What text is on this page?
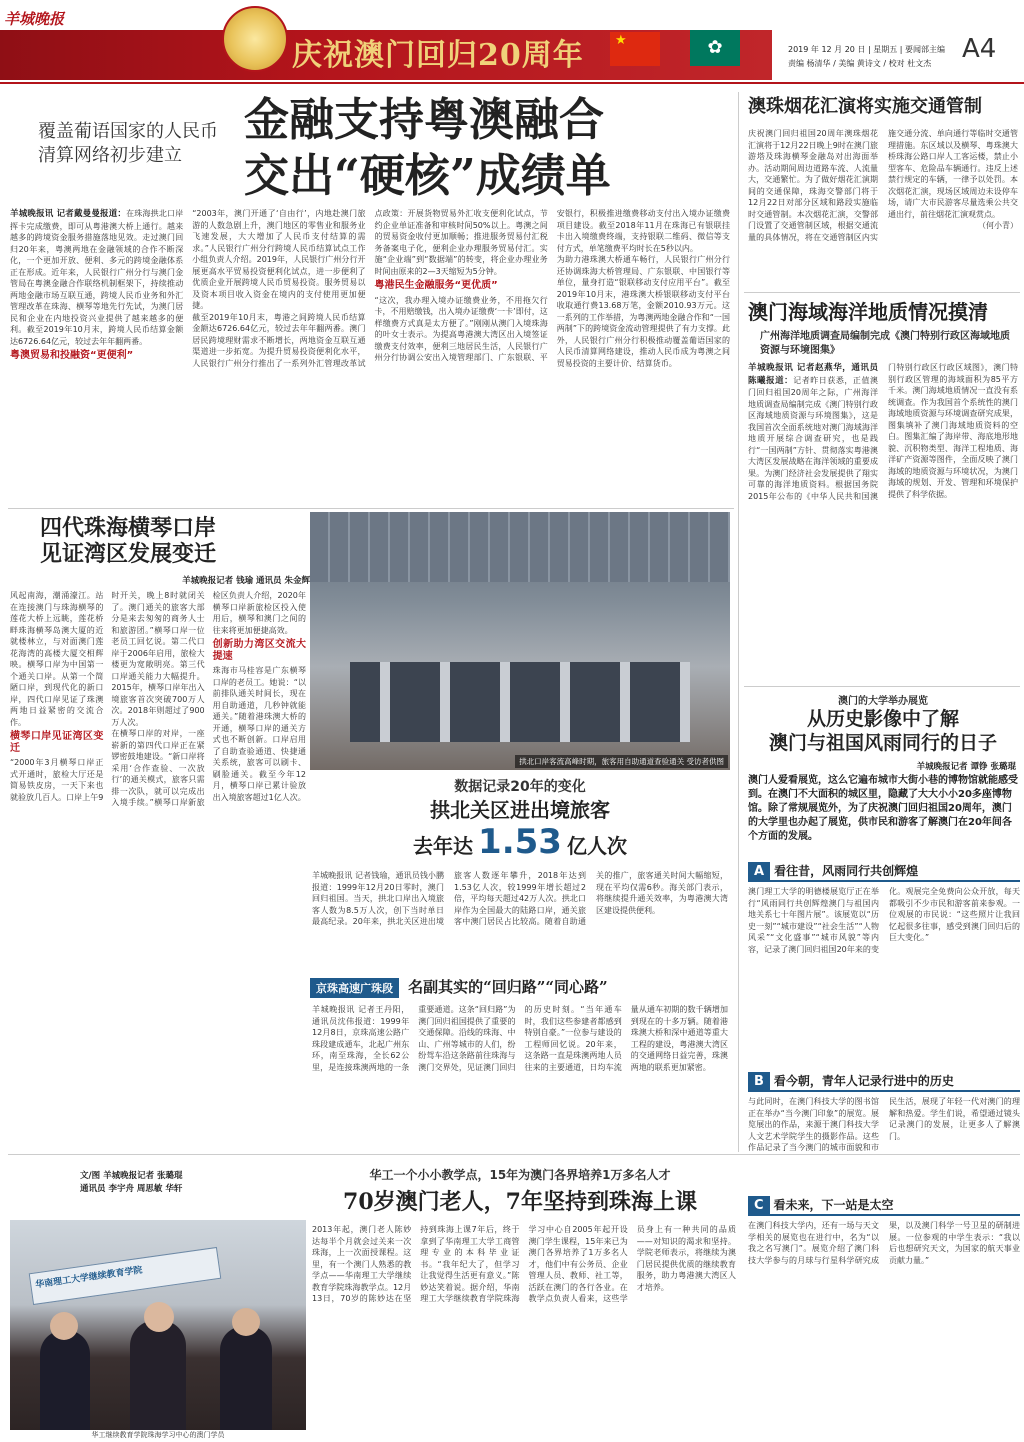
羊城晚报
庆祝澳门回归20周年	★	✿	2019 年 12 月 20 日 | 星期五 | 要闻部主编
责编 杨清华 / 美编 黄诗文 / 校对 杜文杰	A4
覆盖葡语国家的人民币清算网络初步建立
金融支持粤澳融合
交出“硬核”成绩单
羊城晚报讯 记者戴曼曼报道：在珠海拱北口岸挥卡完成缴费，即可从粤港澳大桥上通行。越来越多的跨境资金服务措施落地见效。走过澳门回归20年来，粤澳两地在金融领域的合作不断深化，一个更加开放、便利、多元的跨境金融体系正在形成。近年来，人民银行广州分行与澳门金管局在粤澳金融合作联络机制框架下，持续推动两地金融市场互联互通，跨境人民币业务和外汇管理改革在珠海、横琴等地先行先试，为澳门居民和企业在内地投资兴业提供了越来越多的便利。截至2019年10月末，跨境人民币结算金额达6726.64亿元，较过去年年翻两番。
粤澳贸易和投融资“更便利”

“2003年，澳门开通了‘自由行’，内地赴澳门旅游的人数急剧上升，澳门地区的零售业和服务业飞速发展，大大增加了人民币支付结算的需求。”人民银行广州分行跨境人民币结算试点工作小组负责人介绍。2019年，人民银行广州分行开展更高水平贸易投资便利化试点，进一步便利了优质企业开展跨境人民币贸易投资。服务贸易以及资本项目收入资金在境内的支付使用更加便捷。

截至2019年10月末，粤港之间跨境人民币结算金额达6726.64亿元，较过去年年翻两番。澳门居民跨境理财需求不断增长，两地资金互联互通渠道进一步拓宽。为提升贸易投资便利化水平，人民银行广州分行推出了一系列外汇管理改革试点政策：开展货物贸易外汇收支便利化试点，节约企业单证准备和审核时间50%以上。粤澳之间的贸易资金收付更加顺畅；推进服务贸易付汇税务备案电子化，便利企业办理服务贸易付汇。实施“企业端”到“数据端”的转变，将企业办理业务时间由原来的2—3天缩短为5分钟。

粤港民生金融服务“更优质”

“这次，我办理入境办证缴费业务，不用拖欠行卡，不用赔缴钱，出入境办证缴费‘一卡’即付，这样缴费方式真是太方便了。”刚刚从澳门入境珠海的叶女士表示。为提高粤港澳大湾区出入境签证缴费支付效率，便利三地居民生活，人民银行广州分行协调公安出入境管理部门、广东银联、平安银行，积极推进缴费移动支付出入境办证缴费项目建设。截至2018年11月在珠海已有银联挂卡出入境缴费终端，支持银联二维码、微信等支付方式，单笔缴费平均时长在5秒以内。

为助力港珠澳大桥通车畅行，人民银行广州分行还协调珠海大桥管理局、广东银联、中国银行等单位，量身打造“银联移动支付应用平台”。截至2019年10月末，港珠澳大桥银联移动支付平台收取通行费13.68万笔，金额2010.93万元。这一系列的工作举措，为粤澳两地金融合作和“一国两制”下的跨境资金流动管理提供了有力支撑。此外，人民银行广州分行积极推动覆盖葡语国家的人民币清算网络建设，推动人民币成为粤澳之间贸易投资的主要计价、结算货币。

澳珠烟花汇演将实施交通管制
庆祝澳门回归祖国20周年澳珠烟花汇演将于12月22日晚上9时在澳门旅游塔及珠海横琴金融岛对出海面举办。活动期间周边道路车流、人流量大，交通繁忙。为了做好烟花汇演期间的交通保障，珠海交警部门将于12月22日对部分区域和路段实施临时交通管制。本次烟花汇演，交警部门设置了交通管制区域，根据交通流量的具体情况，将在交通管制区内实施交通分流、单向通行等临时交通管理措施。东区域以及横琴、粤珠澳大桥珠海公路口岸人工客运楼，禁止小型客车、危险品车辆通行。违反上述禁行规定的车辆，一律予以处罚。本次烟花汇演，现场区域周边未设停车场，请广大市民游客尽量选乘公共交通出行，前往烟花汇演观赏点。
（何小青）
澳门海域海洋地质情况摸清
广州海洋地质调查局编制完成《澳门特别行政区海域地质资源与环境图集》
羊城晚报讯 记者赵燕华，通讯员陈曦报道：记者昨日获悉，正值澳门回归祖国20周年之际，广州海洋地质调查局编制完成《澳门特别行政区海域地质资源与环境图集》，这是我国首次全面系统地对澳门海域海洋地质开展综合调查研究，也是践行“一国两制”方针、贯彻落实粤港澳大湾区发展战略在海洋领域的重要成果。为澳门经济社会发展提供了翔实可靠的海洋地质资料。根据国务院2015年公布的《中华人民共和国澳门特别行政区行政区域图》，澳门特别行政区管理的海域面积为85平方千米。澳门海域地质情况一直没有系统调查。作为我国首个系统性的澳门海域地质资源与环境调查研究成果，图集填补了澳门海域地质资料的空白。图集汇编了海岸带、海底地形地貌、沉积物类型、海洋工程地质、海洋矿产资源等图件，全面反映了澳门海域的地质资源与环境状况，为澳门海域的规划、开发、管理和环境保护提供了科学依据。
四代珠海横琴口岸
见证湾区发展变迁
羊城晚报记者 钱瑜 通讯员 朱金辉

风起南海，潮涌濠江。站在连接澳门与珠海横琴的莲花大桥上远眺，莲花桥畔珠海横琴岛澳大厦的近就楼林立，与对面澳门莲花海湾的高楼大厦交相辉映。横琴口岸为中国第一个通关口岸。从第一个简陋口岸，到现代化的新口岸，四代口岸见证了珠澳两地日益紧密的交流合作。

横琴口岸见证湾区变迁

“2000年3月横琴口岸正式开通时，旅检大厅还是简易铁皮房，一天下来也就验放几百人。口岸上午9时开关，晚上8时就闭关了。澳门通关的旅客大部分是来去匆匆的商务人士和旅游团。”横琴口岸一位老员工回忆说。第二代口岸于2006年启用，旅检大楼更为宽敞明亮。第三代口岸通关能力大幅提升。2015年，横琴口岸年出入境旅客首次突破700万人次。2018年则超过了900万人次。

在横琴口岸的对岸，一座崭新的第四代口岸正在紧锣密鼓地建设。“新口岸将采用‘合作查验、一次放行’的通关模式，旅客只需排一次队，就可以完成出入境手续。”横琴口岸新旅检区负责人介绍，2020年横琴口岸新旅检区投入使用后，横琴和澳门之间的往来将更加便捷高效。

创新助力湾区交流大提速

珠海市马桂容是广东横琴口岸的老员工。她说：“以前排队通关时间长，现在用自助通道，几秒钟就能通关。”随着港珠澳大桥的开通，横琴口岸的通关方式也不断创新。口岸启用了自助查验通道、快捷通关系统，旅客可以刷卡、刷脸通关。截至今年12月，横琴口岸已累计验放出入境旅客超过1亿人次。

拱北口岸客流高峰时期，旅客用自助通道查验通关 受访者供图
数据记录20年的变化
拱北关区进出境旅客
去年达 1.53 亿人次
羊城晚报讯 记者钱瑜，通讯员钱小鹏报道：1999年12月20日零时，澳门回归祖国。当天，拱北口岸出入境旅客人数为8.5万人次，创下当时单日最高纪录。20年来，拱北关区进出境旅客人数逐年攀升，2018年达到1.53亿人次，较1999年增长超过2倍，平均每天超过42万人次。拱北口岸作为全国最大的陆路口岸，通关旅客中澳门居民占比较高。随着自助通关的推广，旅客通关时间大幅缩短，现在平均仅需6秒。海关部门表示，将继续提升通关效率，为粤港澳大湾区建设提供便利。
京珠高速广珠段 名副其实的“回归路”“同心路”
羊城晚报讯 记者王丹阳，通讯员沈伟报道：1999年12月8日，京珠高速公路广珠段建成通车，北起广州东环，南至珠海，全长62公里，是连接珠澳两地的一条重要通道。这条“回归路”为澳门回归祖国提供了重要的交通保障。沿线的珠海、中山、广州等城市的人们，纷纷驾车沿这条路前往珠海与澳门交界处，见证澳门回归的历史时刻。“当年通车时，我们这些参建者都感到特别自豪。”一位参与建设的工程师回忆说。20年来，这条路一直是珠澳两地人员往来的主要通道，日均车流量从通车初期的数千辆增加到现在的十多万辆。随着港珠澳大桥和深中通道等重大工程的建设，粤港澳大湾区的交通网络日益完善，珠澳两地的联系更加紧密。
澳门的大学举办展览
从历史影像中了解
澳门与祖国风雨同行的日子
羊城晚报记者 谭铮 张璐琨
澳门人爱看展览，这么它遍布城市大街小巷的博物馆就能感受到。在澳门不大面积的城区里，隐藏了大大小小20多座博物馆。除了常规展览外，为了庆祝澳门回归祖国20周年，澳门的大学里也办起了展览，供市民和游客了解澳门在20年间各个方面的发展。
A 看往昔，风雨同行共创辉煌
澳门理工大学的明德楼展览厅正在举行“风雨同行共创辉煌澳门与祖国内地关系七十年图片展”。该展览以“历史一刻”“城市建设”“社会生活”“人物风采”“文化盛事”“城市风貌”等内容，记录了澳门回归祖国20年来的变化。观展完全免费向公众开放，每天都吸引不少市民和游客前来参观。一位观展的市民说：“这些照片让我回忆起很多往事，感受到澳门回归后的巨大变化。”
B 看今朝，青年人记录行进中的历史
与此同时，在澳门科技大学的图书馆正在举办“当今澳门印象”的展览。展览展出的作品，来源于澳门科技大学人文艺术学院学生的摄影作品。这些作品记录了当今澳门的城市面貌和市民生活，展现了年轻一代对澳门的理解和热爱。学生们说，希望通过镜头记录澳门的发展，让更多人了解澳门。
C 看未来，下一站是太空
在澳门科技大学内，还有一场与天文学相关的展览也在进行中，名为“以我之名写澳门”。展览介绍了澳门科技大学参与的月球与行星科学研究成果，以及澳门科学一号卫星的研制进展。一位参观的中学生表示：“我以后也想研究天文，为国家的航天事业贡献力量。”
文/图 羊城晚报记者 张璐琨
通讯员 李宇舟 周思敏 华轩
华工一个小小教学点，15年为澳门各界培养1万多名人才
70岁澳门老人，7年坚持到珠海上课
华南理工大学继续教育学院
华工继续教育学院珠海学习中心的澳门学员
2013年起，澳门老人陈妙达每半个月就会过关来一次珠海，上一次面授课程。这里，有一个澳门人熟悉的教学点——华南理工大学继续教育学院珠海教学点。12月13日，70岁的陈妙达在坚持到珠海上课7年后，终于拿到了华南理工大学工商管理专业的本科毕业证书。“我年纪大了，但学习让我觉得生活更有意义。”陈妙达笑着说。据介绍，华南理工大学继续教育学院珠海学习中心自2005年起开设澳门学生课程，15年来已为澳门各界培养了1万多名人才，他们中有公务员、企业管理人员、教师、社工等，活跃在澳门的各行各业。在教学点负责人看来，这些学员身上有一种共同的品质——对知识的渴求和坚持。学院老师表示，将继续为澳门居民提供优质的继续教育服务，助力粤港澳大湾区人才培养。
